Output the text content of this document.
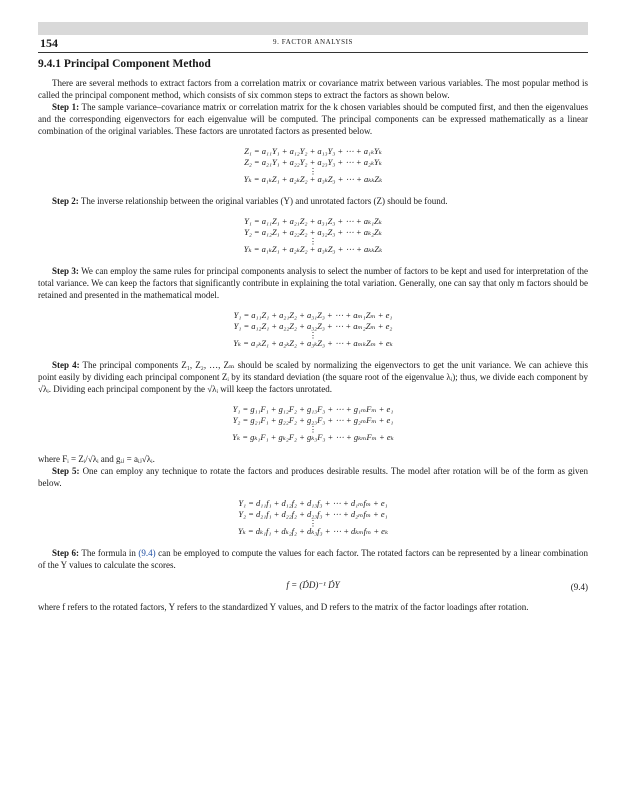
154	9. FACTOR ANALYSIS
9.4.1 Principal Component Method

There are several methods to extract factors from a correlation matrix or covariance matrix between various variables. The most popular method is called the principal component method, which consists of six common steps to extract the factors as shown below.

Step 1: The sample variance–covariance matrix or correlation matrix for the k chosen variables should be computed first, and then the eigenvalues and the corresponding eigenvectors for each eigenvalue will be computed. The principal components can be expressed mathematically as a linear combination of the original variables. These factors are unrotated factors as presented below.

Z₁ = a₁₁Y₁ + a₁₂Y₂ + a₁₃Y₃ + ⋯ + a₁ₖYₖ
Z₂ = a₂₁Y₁ + a₂₂Y₂ + a₂₃Y₃ + ⋯ + a₂ₖYₖ
⋮
Yₖ = a₁ₖZ₁ + a₂ₖZ₂ + a₃ₖZ₃ + ⋯ + aₖₖZₖ

Step 2: The inverse relationship between the original variables (Y) and unrotated factors (Z) should be found.

Y₁ = a₁₁Z₁ + a₂₁Z₂ + a₃₁Z₃ + ⋯ + aₖ₁Zₖ
Y₂ = a₁₂Z₁ + a₂₂Z₂ + a₃₂Z₃ + ⋯ + aₖ₂Zₖ
⋮
Yₖ = a₁ₖZ₁ + a₂ₖZ₂ + a₃ₖZ₃ + ⋯ + aₖₖZₖ

Step 3: We can employ the same rules for principal components analysis to select the number of factors to be kept and used for interpretation of the total variance. We can keep the factors that significantly contribute in explaining the total variation. Generally, one can say that only m factors should be retained and presented in the mathematical model.

Y₁ = a₁₁Z₁ + a₂₁Z₂ + a₃₁Z₃ + ⋯ + aₘ₁Zₘ + e₁
Y₁ = a₁₂Z₁ + a₂₂Z₂ + a₃₂Z₃ + ⋯ + aₘ₂Zₘ + e₂
⋮
Yₖ = a₁ₖZ₁ + a₂ₖZ₂ + a₃ₖZ₃ + ⋯ + aₘₖZₘ + eₖ

Step 4: The principal components Z₁, Z₂, …, Zₘ should be scaled by normalizing the eigenvectors to get the unit variance. We can achieve this point easily by dividing each principal component Zᵢ by its standard deviation (the square root of the eigenvalue λᵢ); thus, we divide each component by √λᵢ. Dividing each principal component by the √λᵢ will keep the factors unrotated.

Y₁ = g₁₁F₁ + g₁₂F₂ + g₁₃F₃ + ⋯ + g₁ₘFₘ + e₁
Y₂ = g₂₁F₁ + g₂₂F₂ + g₂₃F₃ + ⋯ + g₂ₘFₘ + e₁
⋮
Yₖ = gₖ₁F₁ + gₖ₂F₂ + gₖ₃F₃ + ⋯ + gₖₘFₘ + eₖ

where Fᵢ = Zᵢ/√λᵢ and gᵢⱼ = aᵢⱼ√λᵢ.

Step 5: One can employ any technique to rotate the factors and produces desirable results. The model after rotation will be of the form as given below.

Y₁ = d₁₁f₁ + d₁₂f₂ + d₁₃f₃ + ⋯ + d₁ₘfₘ + e₁
Y₂ = d₂₁f₁ + d₂₂f₂ + d₂₃f₃ + ⋯ + d₂ₘfₘ + e₁
⋮
Yₖ = dₖ₁f₁ + dₖ₂f₂ + dₖ₃f₃ + ⋯ + dₖₘfₘ + eₖ

Step 6: The formula in (9.4) can be employed to compute the values for each factor. The rotated factors can be represented by a linear combination of the Y values to calculate the scores.

f = (D́D)⁻¹ D́Y	(9.4)

where f refers to the rotated factors, Y refers to the standardized Y values, and D refers to the matrix of the factor loadings after rotation.
